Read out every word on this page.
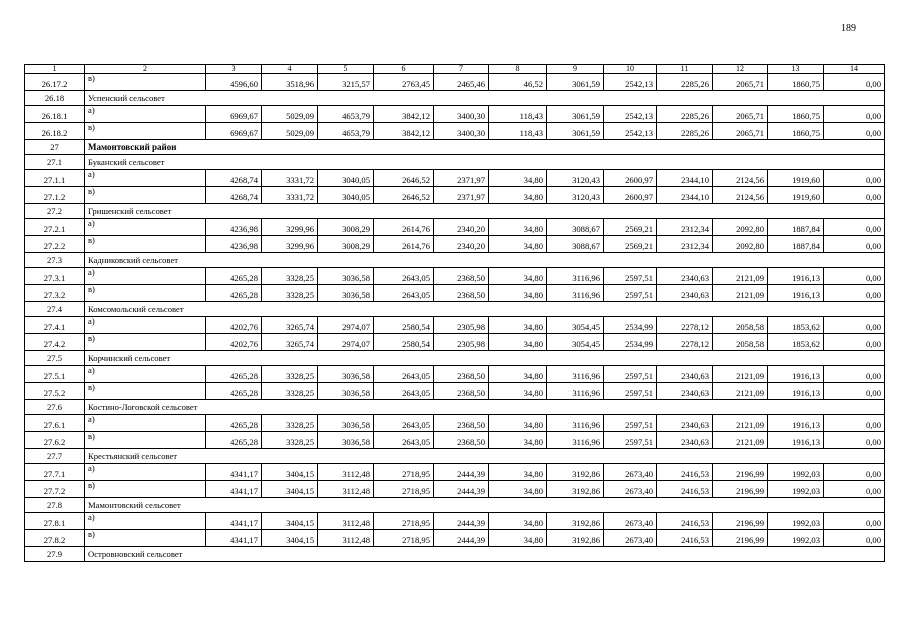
189
1	2	3	4	5	6	7	8	9	10	11	12	13	14
26.17.2	в)	4596,60	3518,96	3215,57	2763,45	2465,46	46,52	3061,59	2542,13	2285,26	2065,71	1860,75	0,00
26.18	Успенский сельсовет												
26.18.1	а)	6969,67	5029,09	4653,79	3842,12	3400,30	118,43	3061,59	2542,13	2285,26	2065,71	1860,75	0,00
26.18.2	в)	6969,67	5029,09	4653,79	3842,12	3400,30	118,43	3061,59	2542,13	2285,26	2065,71	1860,75	0,00
27	Мамонтовский район												
27.1	Буканский сельсовет												
27.1.1	а)	4268,74	3331,72	3040,05	2646,52	2371,97	34,80	3120,43	2600,97	2344,10	2124,56	1919,60	0,00
27.1.2	в)	4268,74	3331,72	3040,05	2646,52	2371,97	34,80	3120,43	2600,97	2344,10	2124,56	1919,60	0,00
27.2	Гришенский сельсовет												
27.2.1	а)	4236,98	3299,96	3008,29	2614,76	2340,20	34,80	3088,67	2569,21	2312,34	2092,80	1887,84	0,00
27.2.2	в)	4236,98	3299,96	3008,29	2614,76	2340,20	34,80	3088,67	2569,21	2312,34	2092,80	1887,84	0,00
27.3	Кадниковский сельсовет												
27.3.1	а)	4265,28	3328,25	3036,58	2643,05	2368,50	34,80	3116,96	2597,51	2340,63	2121,09	1916,13	0,00
27.3.2	в)	4265,28	3328,25	3036,58	2643,05	2368,50	34,80	3116,96	2597,51	2340,63	2121,09	1916,13	0,00
27.4	Комсомольский сельсовет												
27.4.1	а)	4202,76	3265,74	2974,07	2580,54	2305,98	34,80	3054,45	2534,99	2278,12	2058,58	1853,62	0,00
27.4.2	в)	4202,76	3265,74	2974,07	2580,54	2305,98	34,80	3054,45	2534,99	2278,12	2058,58	1853,62	0,00
27.5	Корчинский сельсовет												
27.5.1	а)	4265,28	3328,25	3036,58	2643,05	2368,50	34,80	3116,96	2597,51	2340,63	2121,09	1916,13	0,00
27.5.2	в)	4265,28	3328,25	3036,58	2643,05	2368,50	34,80	3116,96	2597,51	2340,63	2121,09	1916,13	0,00
27.6	Костино-Логовской сельсовет												
27.6.1	а)	4265,28	3328,25	3036,58	2643,05	2368,50	34,80	3116,96	2597,51	2340,63	2121,09	1916,13	0,00
27.6.2	в)	4265,28	3328,25	3036,58	2643,05	2368,50	34,80	3116,96	2597,51	2340,63	2121,09	1916,13	0,00
27.7	Крестьянский сельсовет												
27.7.1	а)	4341,17	3404,15	3112,48	2718,95	2444,39	34,80	3192,86	2673,40	2416,53	2196,99	1992,03	0,00
27.7.2	в)	4341,17	3404,15	3112,48	2718,95	2444,39	34,80	3192,86	2673,40	2416,53	2196,99	1992,03	0,00
27.8	Мамонтовский сельсовет												
27.8.1	а)	4341,17	3404,15	3112,48	2718,95	2444,39	34,80	3192,86	2673,40	2416,53	2196,99	1992,03	0,00
27.8.2	в)	4341,17	3404,15	3112,48	2718,95	2444,39	34,80	3192,86	2673,40	2416,53	2196,99	1992,03	0,00
27.9	Островновский сельсовет												
